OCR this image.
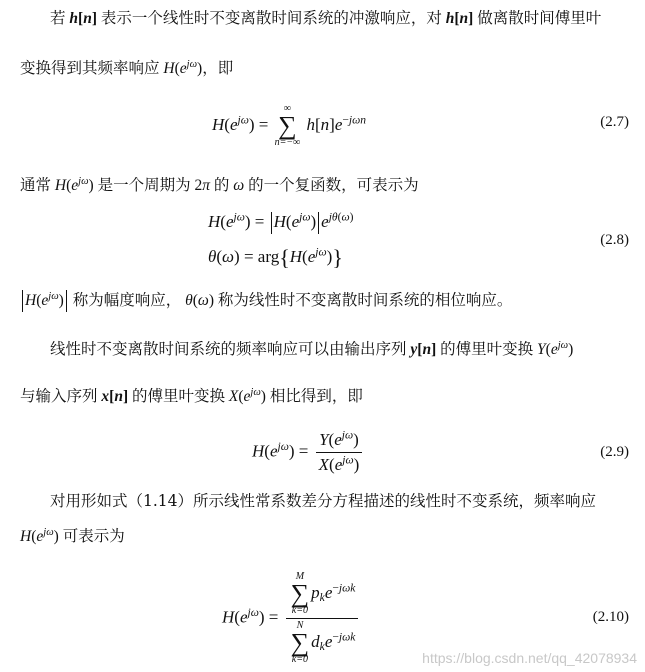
若 h[n] 表示一个线性时不变离散时间系统的冲激响应，对 h[n] 做离散时间傅里叶
变换得到其频率响应 $H(e^{j\omega})$，即
$H(e^{j\omega})$ =
∞
∑
n=−∞
$h[n]e^{-j\omega n}$	(2.7)
通常 $H(e^{j\omega})$ 是一个周期为 2π 的 ω 的一个复函数，可表示为
$H(e^{j\omega}) = H(e^{j\omega})$ $e^{j\theta(\omega)}$
$\theta(\omega) = arg\{H(e^{j\omega})\}$
(2.8)
$H(e^{j\omega})$ 称为幅度响应， θ(ω) 称为线性时不变离散时间系统的相位响应。
线性时不变离散时间系统的频率响应可以由输出序列 y[n] 的傅里叶变换 $Y(e^{j\omega})$
与输入序列 x[n] 的傅里叶变换 $X(e^{j\omega})$ 相比得到，即
$H(e^{j\omega}) = \frac{Y(e^{j\omega})}{X(e^{j\omega})}$	(2.9)
对用形如式（1.14）所示线性常系数差分方程描述的线性时不变系统，频率响应
$H(e^{j\omega})$ 可表示为
$H(e^{j\omega}) = M$
∑
k=0
$p_ke^{-j\omega k}$
N
∑
k=0
$d_ke^{-j\omega k}$	(2.10)
https://blog.csdn.net/qq_42078934
